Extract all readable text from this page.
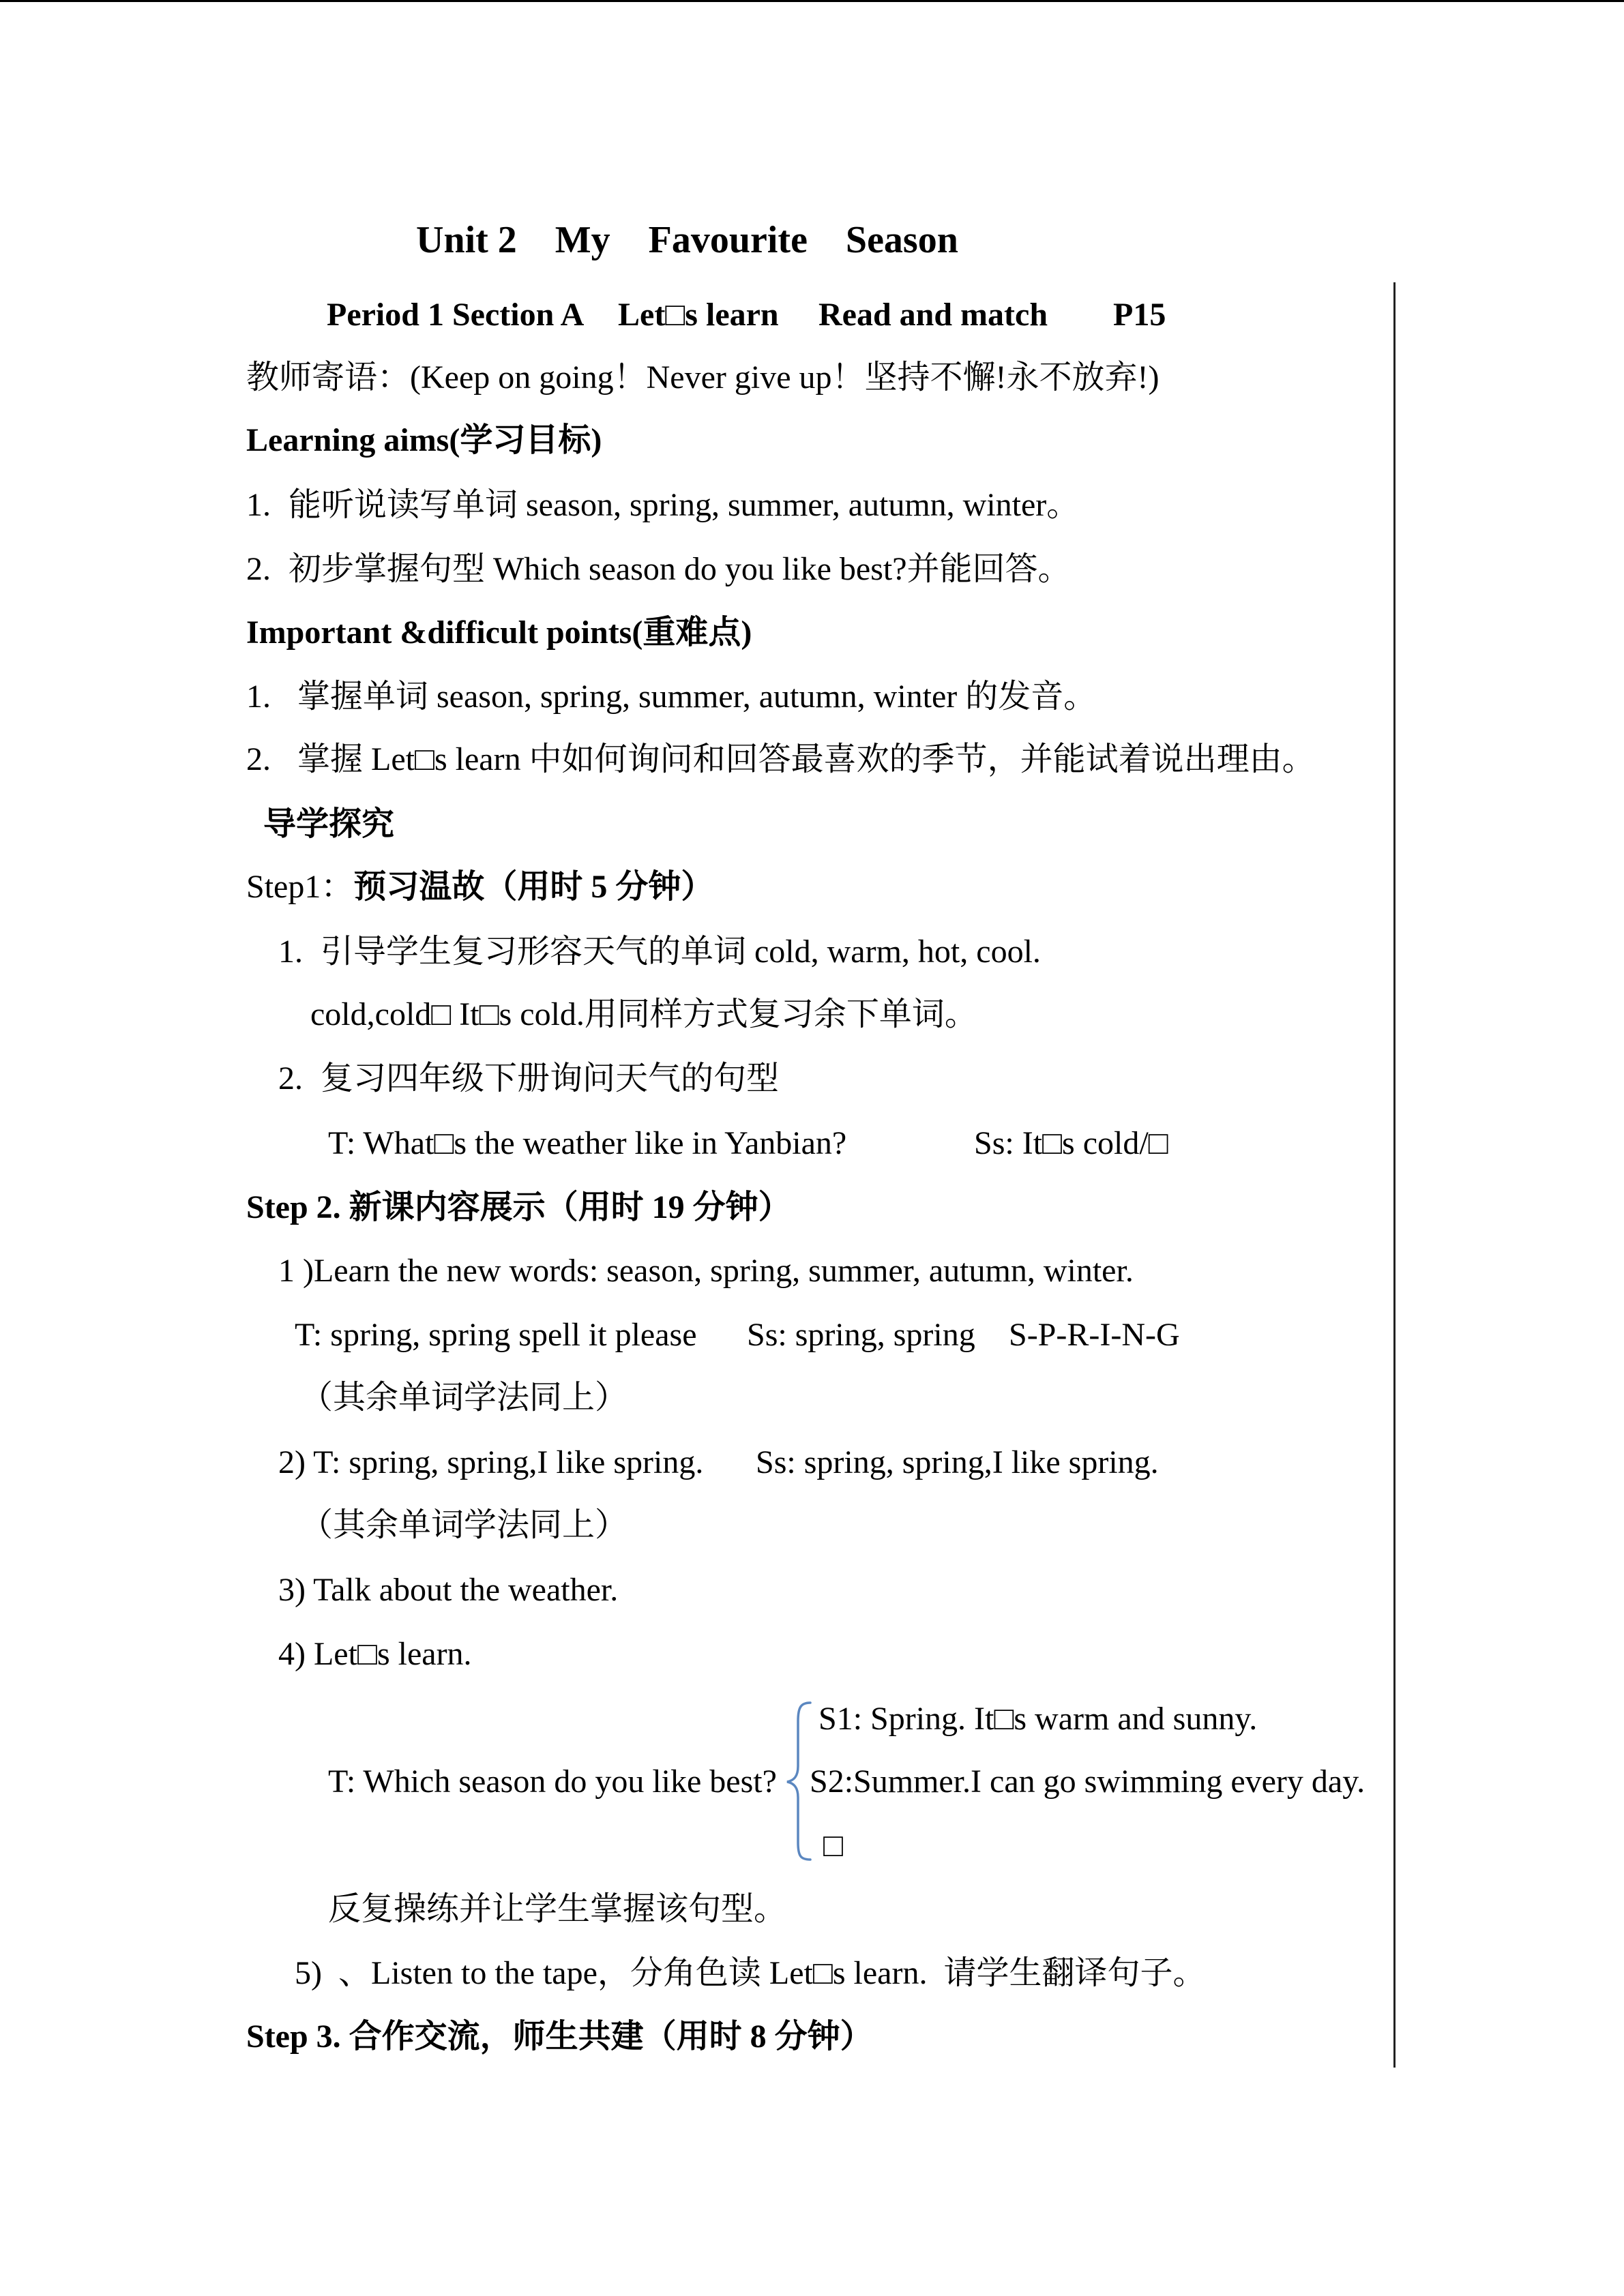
Unit 2    My    Favourite    Season
Period 1 Section A Let□s learn Read and match P15
教师寄语：(Keep on going！Never give up！坚持不懈!永不放弃!)
Learning aims(学习目标)
1. 能听说读写单词 season, spring, summer, autumn, winter。
2. 初步掌握句型 Which season do you like best?并能回答。
Important &difficult points(重难点)
1. 掌握单词 season, spring, summer, autumn, winter 的发音。
2. 掌握 Let□s learn 中如何询问和回答最喜欢的季节，并能试着说出理由。
导学探究
Step1：预习温故（用时 5 分钟）
1. 引导学生复习形容天气的单词 cold, warm, hot, cool.
cold,cold□ It□s cold.用同样方式复习余下单词。
2. 复习四年级下册询问天气的句型
T: What□s the weather like in Yanbian?	Ss: It□s cold/□
Step 2. 新课内容展示（用时 19 分钟）
1 )Learn the new words: season, spring, summer, autumn, winter.
T: spring, spring spell it please Ss: spring, spring S-P-R-I-N-G
（其余单词学法同上）
2) T: spring, spring,I like spring. Ss: spring, spring,I like spring.
（其余单词学法同上）
3) Talk about the weather.
4) Let□s learn.
S1: Spring. It□s warm and sunny.
T: Which season do you like best? S2:Summer.I can go swimming every day.
□
反复操练并让学生掌握该句型。
5) 、Listen to the tape，分角色读 Let□s learn.  请学生翻译句子。
Step 3. 合作交流，师生共建（用时 8 分钟）
